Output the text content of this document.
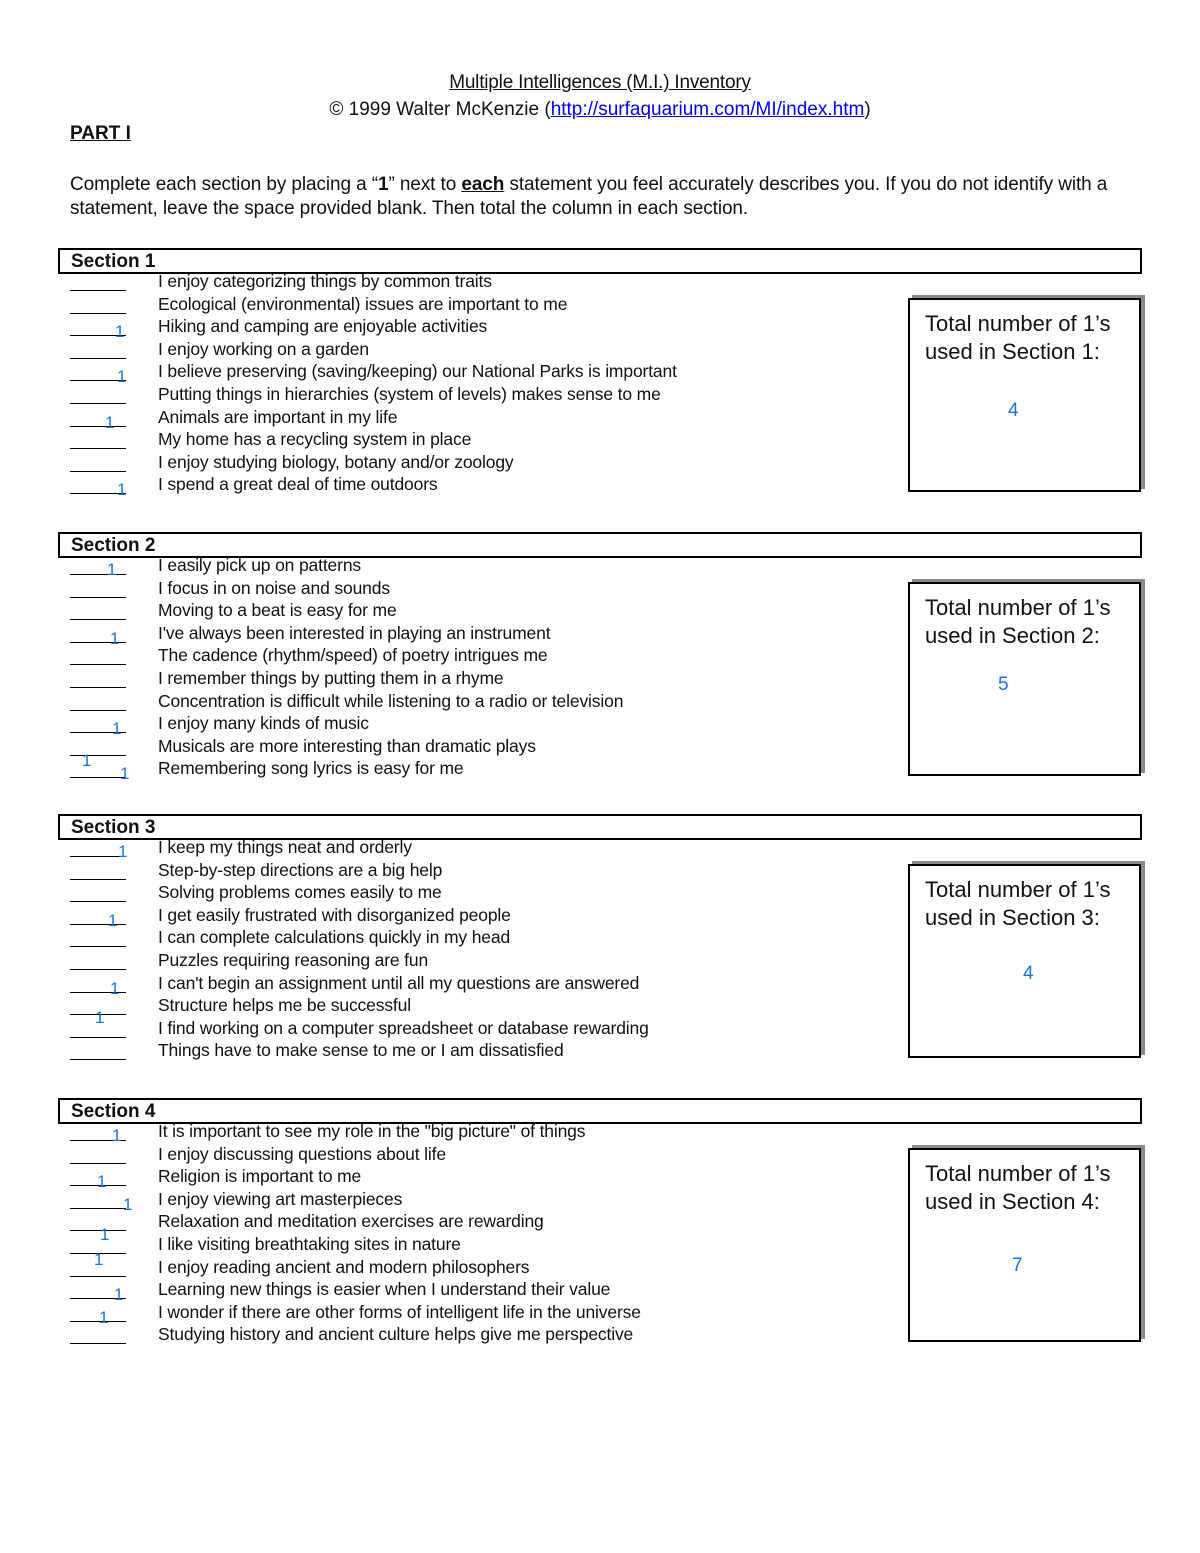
Multiple Intelligences (M.I.) Inventory
© 1999 Walter McKenzie (http://surfaquarium.com/MI/index.htm)
PART I
Complete each section by placing a “1” next to each statement you feel accurately describes you. If you do not identify with a statement, leave the space provided blank. Then total the column in each section.
Section 1
I enjoy categorizing things by common traits
Ecological (environmental) issues are important to me
1 Hiking and camping are enjoyable activities
I enjoy working on a garden
1 I believe preserving (saving/keeping) our National Parks is important
Putting things in hierarchies (system of levels) makes sense to me
1 Animals are important in my life
My home has a recycling system in place
I enjoy studying biology, botany and/or zoology
1 I spend a great deal of time outdoors
Total number of 1’s
used in Section 1:
4
Section 2
1 I easily pick up on patterns
I focus in on noise and sounds
Moving to a beat is easy for me
1 I've always been interested in playing an instrument
The cadence (rhythm/speed) of poetry intrigues me
I remember things by putting them in a rhyme
Concentration is difficult while listening to a radio or television
1 I enjoy many kinds of music
1
Musicals are more interesting than dramatic plays
1 Remembering song lyrics is easy for me
Total number of 1’s
used in Section 2:
5
Section 3
1 I keep my things neat and orderly
Step-by-step directions are a big help
Solving problems comes easily to me
1 I get easily frustrated with disorganized people
I can complete calculations quickly in my head
Puzzles requiring reasoning are fun
1 I can't begin an assignment until all my questions are answered
1
Structure helps me be successful
I find working on a computer spreadsheet or database rewarding
Things have to make sense to me or I am dissatisfied
Total number of 1’s
used in Section 3:
4
Section 4
1 It is important to see my role in the "big picture" of things
I enjoy discussing questions about life
1	Religion is important to me
1 I enjoy viewing art masterpieces
1
Relaxation and meditation exercises are rewarding
1
I like visiting breathtaking sites in nature
I enjoy reading ancient and modern philosophers
1 Learning new things is easier when I understand their value
1	I wonder if there are other forms of intelligent life in the universe
Studying history and ancient culture helps give me perspective
Total number of 1’s
used in Section 4:
7
